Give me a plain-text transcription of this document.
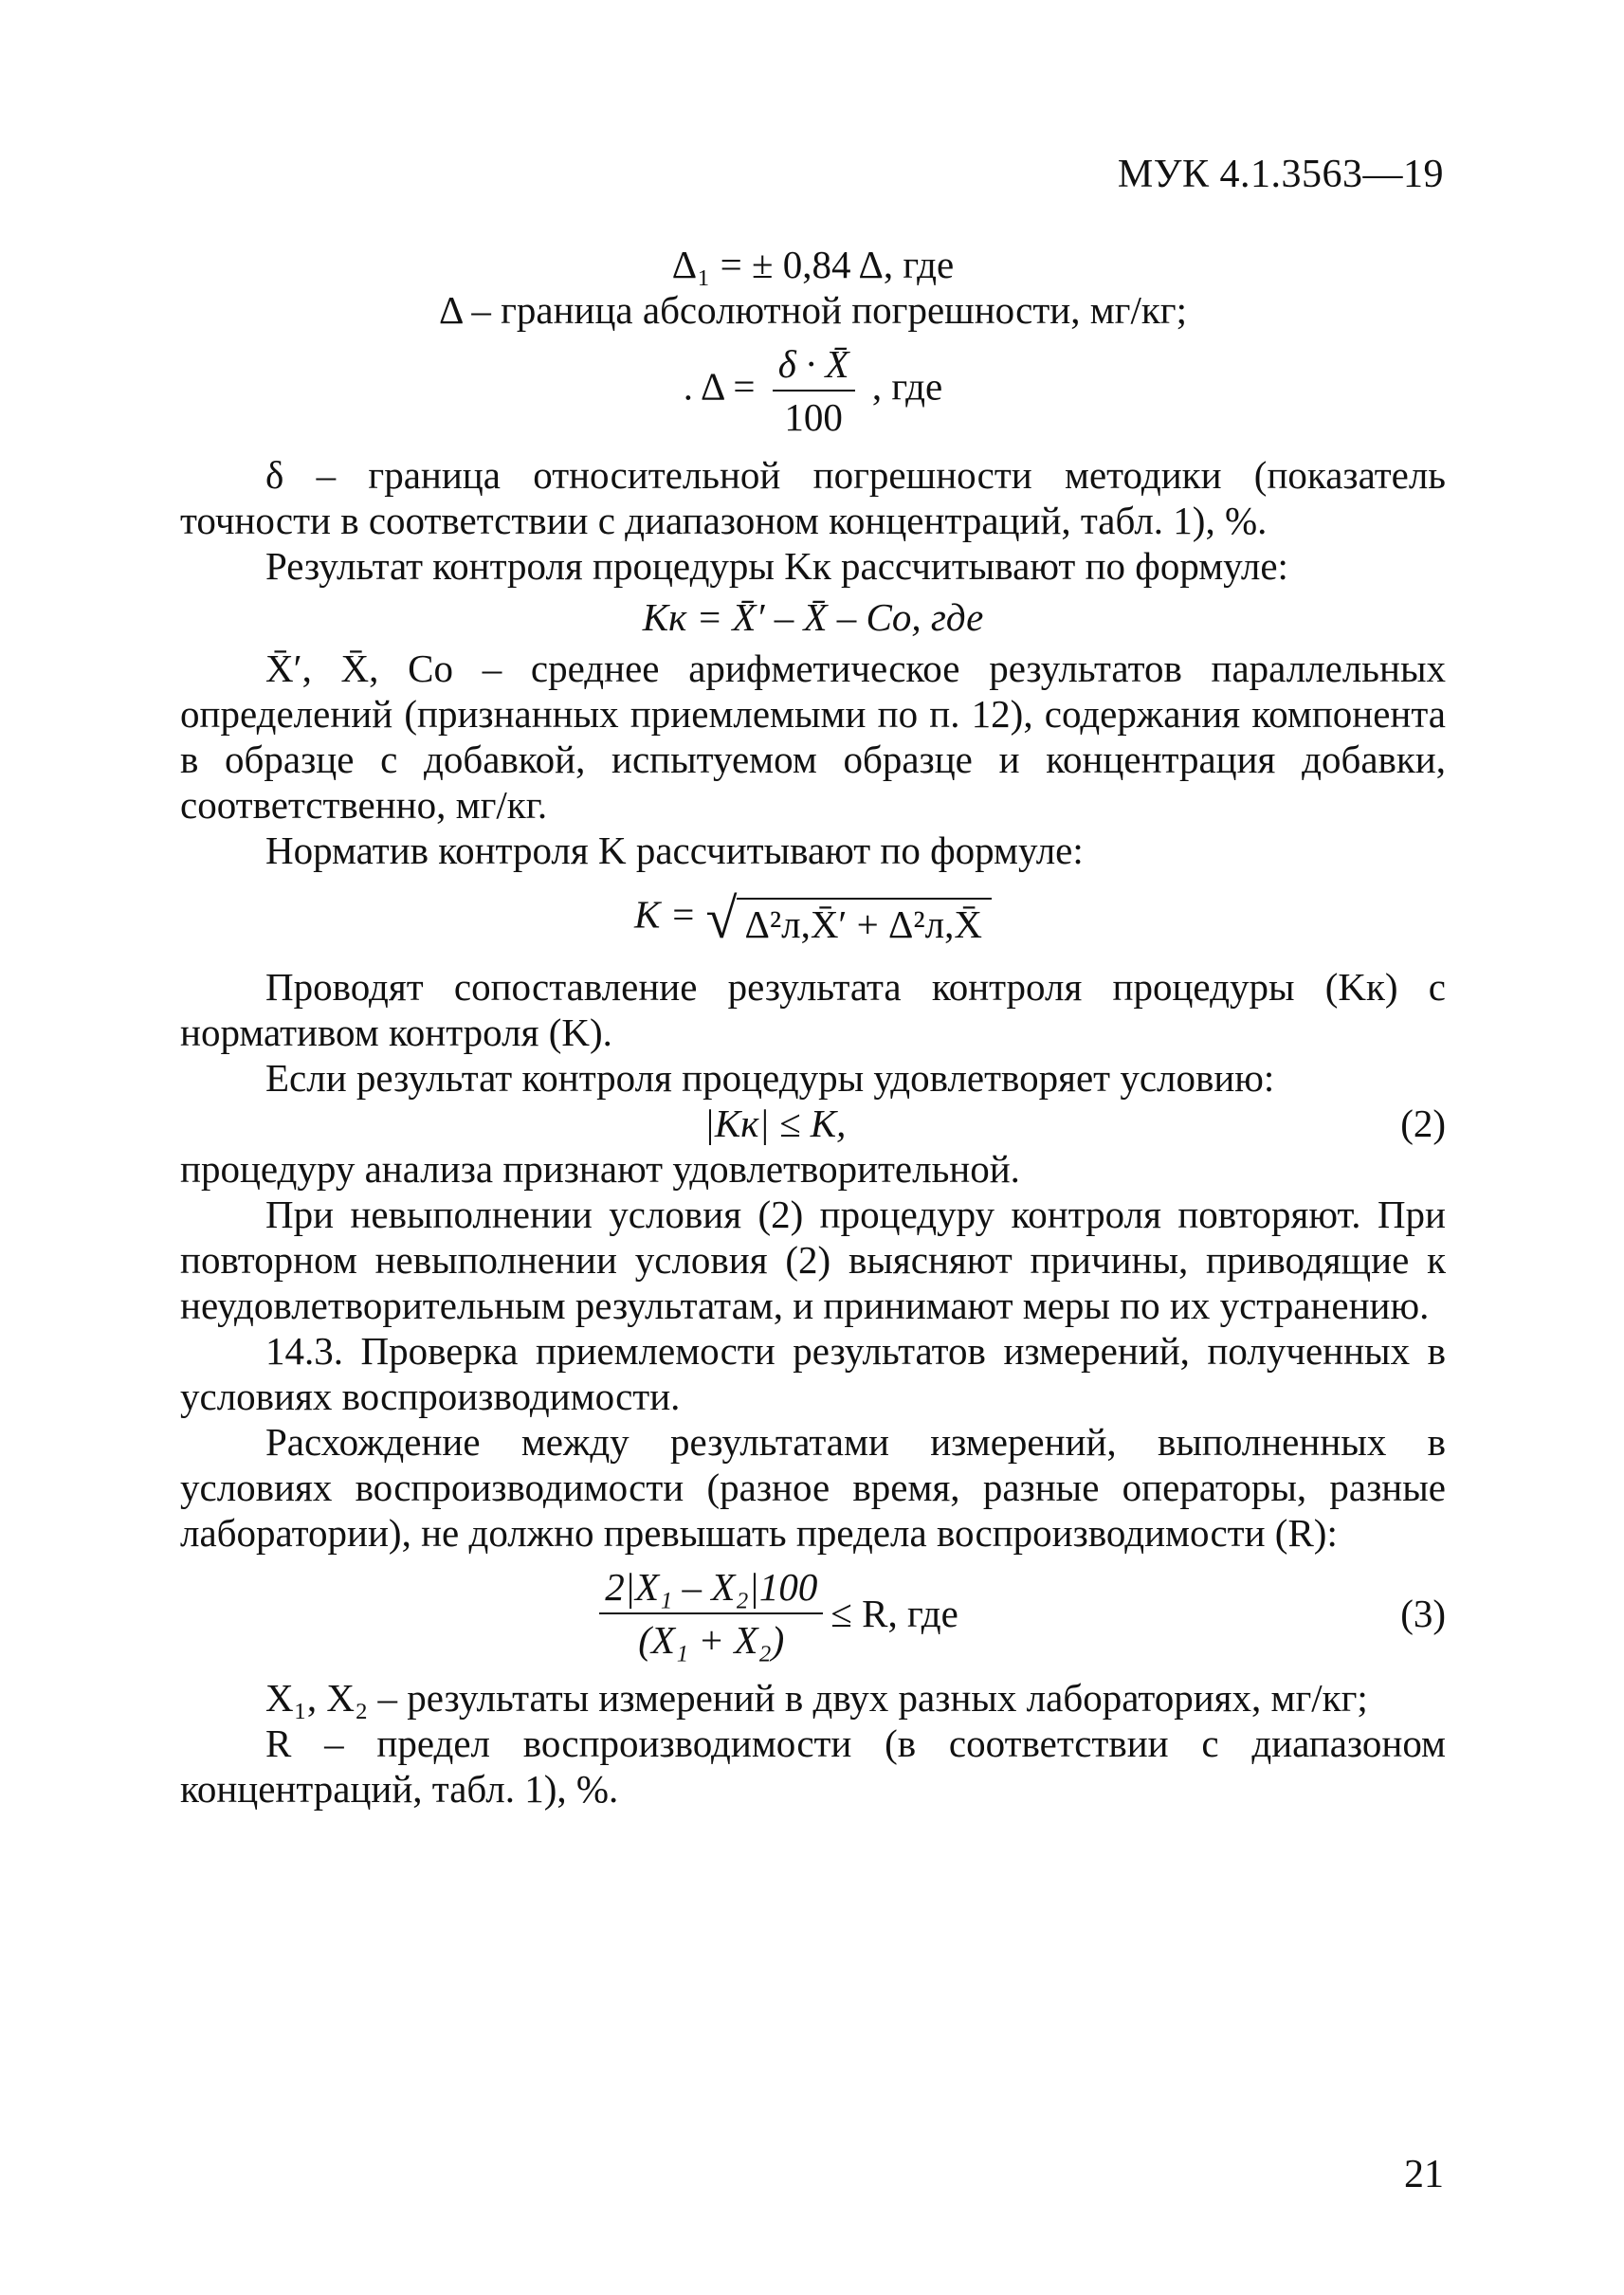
МУК 4.1.3563—19

Δ₁ = ± 0,84 Δ, где

Δ – граница абсолютной погрешности, мг/кг;

. $\Delta = \frac{\delta \cdot X̄}{100}$ , где

δ – граница относительной погрешности методики (показатель точности в соответствии с диапазоном концентраций, табл. 1), %.

Результат контроля процедуры Kк рассчитывают по формуле:

Kк = X̄′ – X̄ – Cо, где

X̄′, X̄, Cо – среднее арифметическое результатов параллельных определений (признанных приемлемыми по п. 12), содержания компонента в образце с добавкой, испытуемом образце и концентрация добавки, соответственно, мг/кг.

Норматив контроля K рассчитывают по формуле:

K = √ Δ²л,X̄′ + Δ²л,X̄

Проводят сопоставление результата контроля процедуры (Kк) с нормативом контроля (K).

Если результат контроля процедуры удовлетворяет условию:

|Kк| ≤ K,	(2)

процедуру анализа признают удовлетворительной.

При невыполнении условия (2) процедуру контроля повторяют. При повторном невыполнении условия (2) выясняют причины, приводящие к неудовлетворительным результатам, и принимают меры по их устранению.

14.3. Проверка приемлемости результатов измерений, полученных в условиях воспроизводимости.

Расхождение между результатами измерений, выполненных в условиях воспроизводимости (разное время, разные операторы, разные лаборатории), не должно превышать предела воспроизводимости (R):

$\frac{\text{2|X₁ – X₂|100}}{\text{(X₁ + X₂)}} \le R$, где	(3)

X₁, X₂ – результаты измерений в двух разных лабораториях, мг/кг;

R – предел воспроизводимости (в соответствии с диапазоном концентраций, табл. 1), %.

21
